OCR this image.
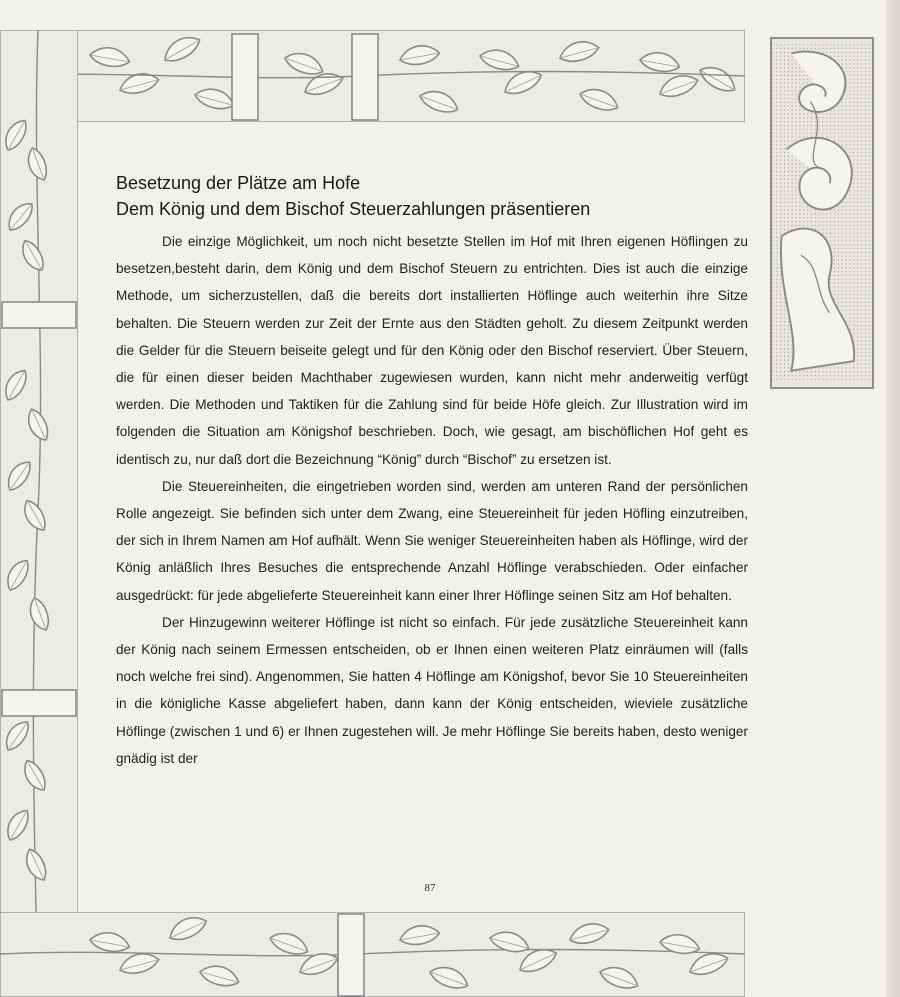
Besetzung der Plätze am Hofe
Dem König und dem Bischof Steuerzahlungen präsentieren

Die einzige Möglichkeit, um noch nicht besetzte Stellen im Hof mit Ihren eigenen Höflingen zu besetzen,besteht darin, dem König und dem Bischof Steuern zu entrichten. Dies ist auch die einzige Methode, um sicherzustellen, daß die bereits dort installierten Höflinge auch weiterhin ihre Sitze behalten. Die Steuern werden zur Zeit der Ernte aus den Städten geholt. Zu diesem Zeitpunkt werden die Gelder für die Steuern beiseite gelegt und für den König oder den Bischof reserviert. Über Steuern, die für einen dieser beiden Machthaber zugewiesen wurden, kann nicht mehr anderweitig verfügt werden. Die Methoden und Taktiken für die Zahlung sind für beide Höfe gleich. Zur Illustration wird im folgenden die Situation am Königshof beschrieben. Doch, wie gesagt, am bischöflichen Hof geht es identisch zu, nur daß dort die Bezeichnung “König” durch “Bischof” zu ersetzen ist.

Die Steuereinheiten, die eingetrieben worden sind, werden am unteren Rand der persönlichen Rolle angezeigt. Sie befinden sich unter dem Zwang, eine Steuereinheit für jeden Höfling einzutreiben, der sich in Ihrem Namen am Hof aufhält. Wenn Sie weniger Steuereinheiten haben als Höflinge, wird der König anläßlich Ihres Besuches die entsprechende Anzahl Höflinge verabschieden. Oder einfacher ausgedrückt: für jede abgelieferte Steuereinheit kann einer Ihrer Höflinge seinen Sitz am Hof behalten.

Der Hinzugewinn weiterer Höflinge ist nicht so einfach. Für jede zusätzliche Steuereinheit kann der König nach seinem Ermessen entscheiden, ob er Ihnen einen weiteren Platz einräumen will (falls noch welche frei sind). Angenommen, Sie hatten 4 Höflinge am Königshof, bevor Sie 10 Steuereinheiten in die königliche Kasse abgeliefert haben, dann kann der König entscheiden, wieviele zusätzliche Höflinge (zwischen 1 und 6) er Ihnen zugestehen will. Je mehr Höflinge Sie bereits haben, desto weniger gnädig ist der

87
